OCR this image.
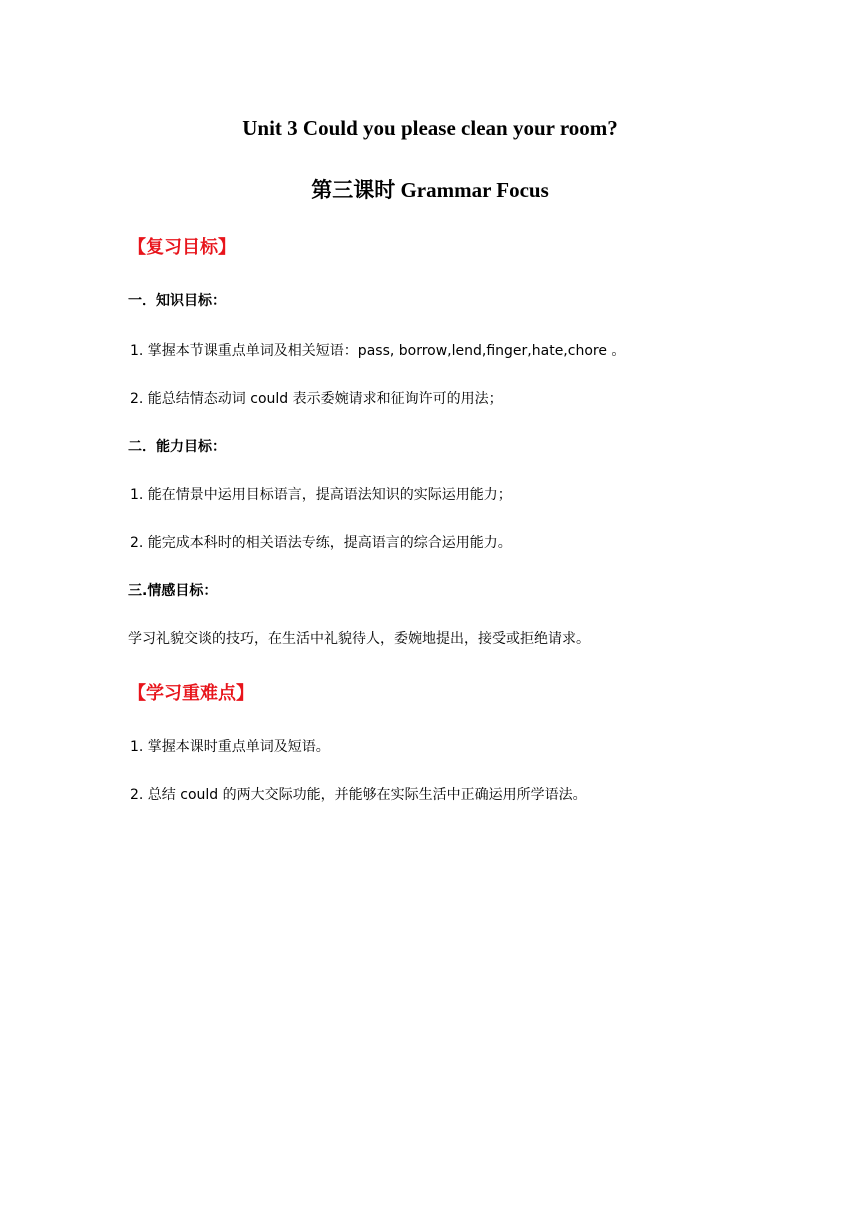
Unit 3 Could you please clean your room?
第三课时 Grammar Focus
【复习目标】
一．知识目标：
1. 掌握本节课重点单词及相关短语：pass, borrow,lend,finger,hate,chore 。
2. 能总结情态动词 could 表示委婉请求和征询许可的用法；
二．能力目标：
1. 能在情景中运用目标语言，提高语法知识的实际运用能力；
2. 能完成本科时的相关语法专练，提高语言的综合运用能力。
三.情感目标：
学习礼貌交谈的技巧，在生活中礼貌待人，委婉地提出，接受或拒绝请求。
【学习重难点】
1. 掌握本课时重点单词及短语。
2. 总结 could 的两大交际功能，并能够在实际生活中正确运用所学语法。
